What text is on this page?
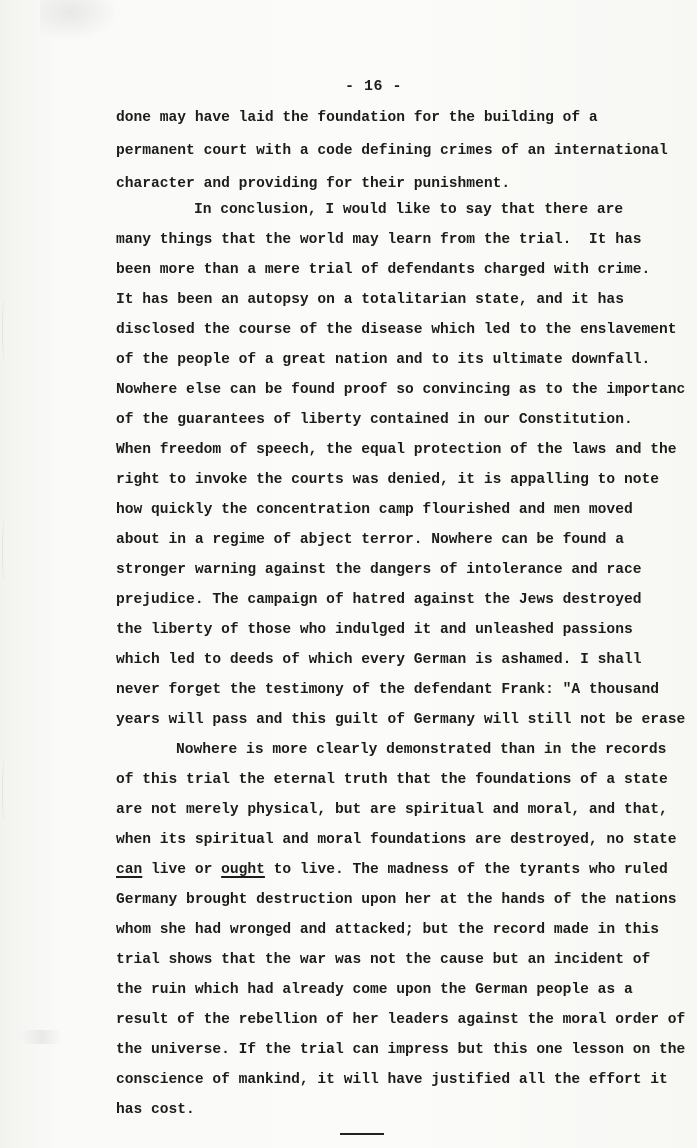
- 16 -
done may have laid the foundation for the building of a
permanent court with a code defining crimes of an international
character and providing for their punishment.
In conclusion, I would like to say that there are
many things that the world may learn from the trial.  It has
been more than a mere trial of defendants charged with crime.
It has been an autopsy on a totalitarian state, and it has
disclosed the course of the disease which led to the enslavement
of the people of a great nation and to its ultimate downfall.
Nowhere else can be found proof so convincing as to the importanc
of the guarantees of liberty contained in our Constitution.
When freedom of speech, the equal protection of the laws and the
right to invoke the courts was denied, it is appalling to note
how quickly the concentration camp flourished and men moved
about in a regime of abject terror. Nowhere can be found a
stronger warning against the dangers of intolerance and race
prejudice. The campaign of hatred against the Jews destroyed
the liberty of those who indulged it and unleashed passions
which led to deeds of which every German is ashamed. I shall
never forget the testimony of the defendant Frank: "A thousand
years will pass and this guilt of Germany will still not be erase
Nowhere is more clearly demonstrated than in the records
of this trial the eternal truth that the foundations of a state
are not merely physical, but are spiritual and moral, and that,
when its spiritual and moral foundations are destroyed, no state
can live or ought to live. The madness of the tyrants who ruled
Germany brought destruction upon her at the hands of the nations
whom she had wronged and attacked; but the record made in this
trial shows that the war was not the cause but an incident of
the ruin which had already come upon the German people as a
result of the rebellion of her leaders against the moral order of
the universe. If the trial can impress but this one lesson on the
conscience of mankind, it will have justified all the effort it
has cost.
